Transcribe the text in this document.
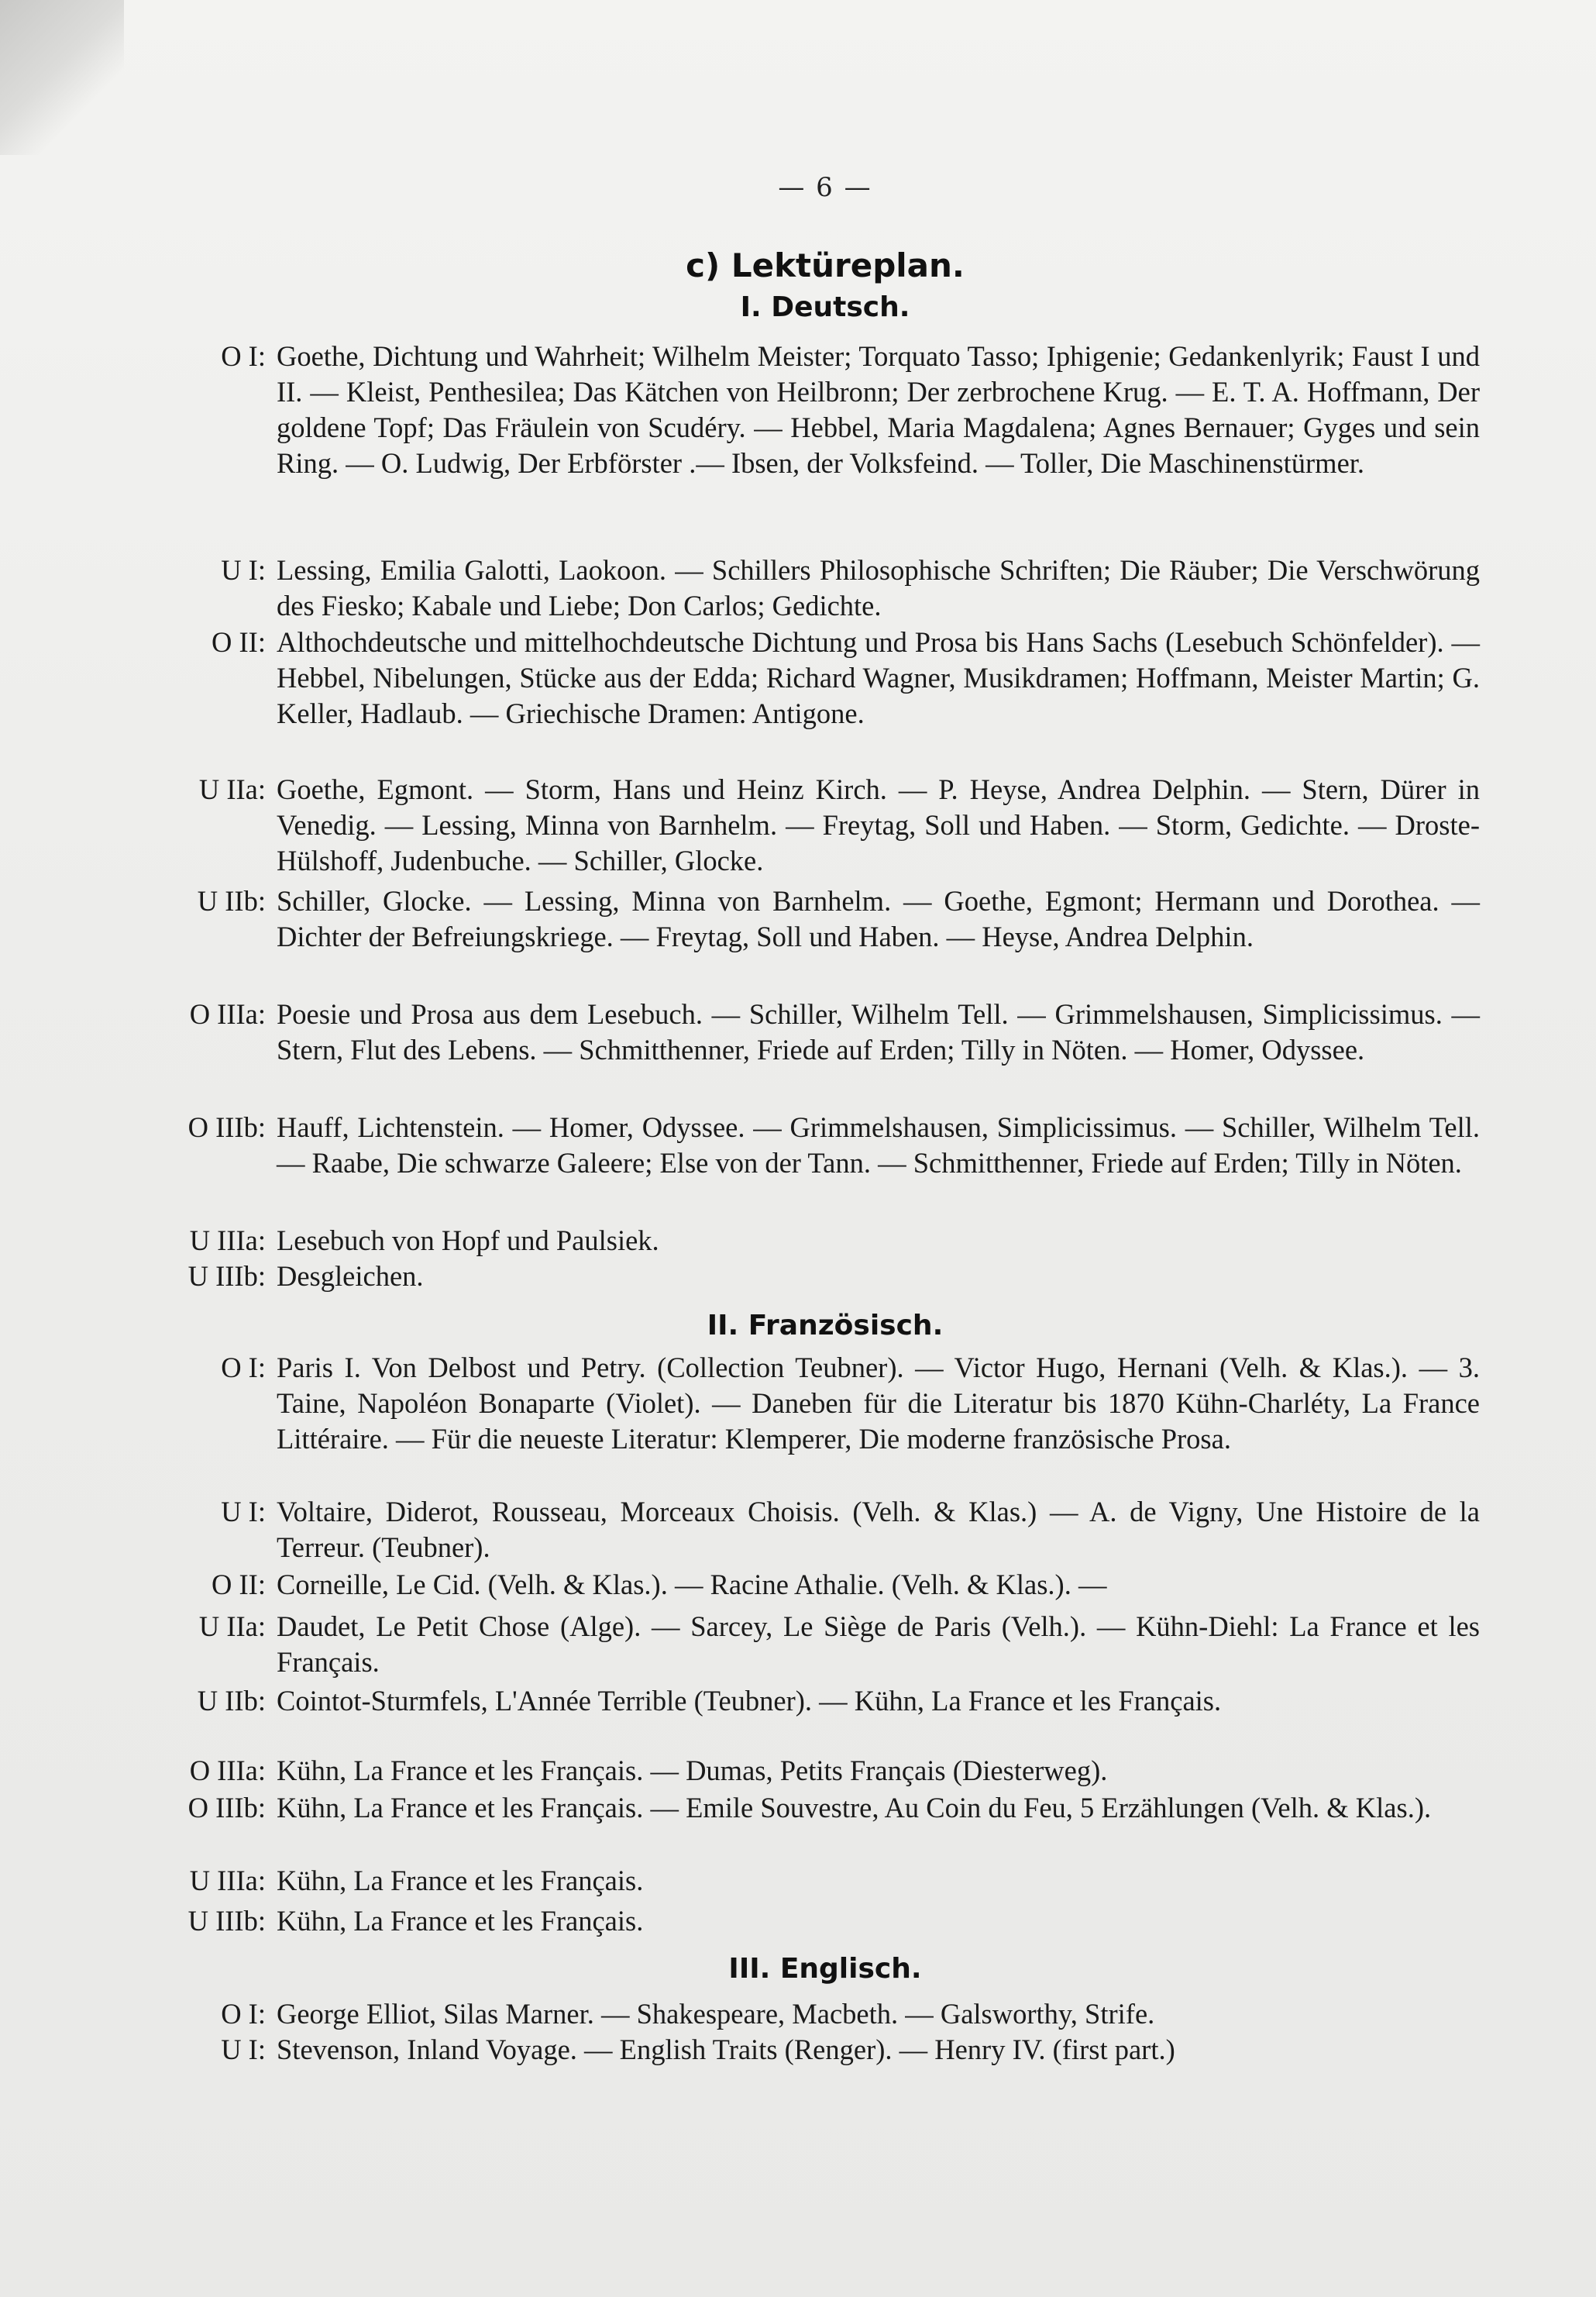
— 6 —
c) Lektüreplan.
I. Deutsch.
O I : Goethe, Dichtung und Wahrheit; Wilhelm Meister; Torquato Tasso; Iphigenie; Gedankenlyrik; Faust I und II. — Kleist, Penthesilea; Das Kätchen von Heilbronn; Der zerbrochene Krug. — E. T. A. Hoffmann, Der goldene Topf; Das Fräulein von Scudéry. — Hebbel, Maria Magdalena; Agnes Bernauer; Gyges und sein Ring. — O. Ludwig, Der Erbförster .— Ibsen, der Volksfeind. — Toller, Die Maschinenstürmer.
U I : Lessing, Emilia Galotti, Laokoon. — Schillers Philosophische Schriften; Die Räuber; Die Verschwörung des Fiesko; Kabale und Liebe; Don Carlos; Gedichte.
O II : Althochdeutsche und mittelhochdeutsche Dichtung und Prosa bis Hans Sachs (Lesebuch Schönfelder). — Hebbel, Nibelungen, Stücke aus der Edda; Richard Wagner, Musikdramen; Hoffmann, Meister Martin; G. Keller, Hadlaub. — Griechische Dramen: Antigone.
U IIa : Goethe, Egmont. — Storm, Hans und Heinz Kirch. — P. Heyse, Andrea Delphin. — Stern, Dürer in Venedig. — Lessing, Minna von Barnhelm. — Freytag, Soll und Haben. — Storm, Gedichte. — Droste-Hülshoff, Judenbuche. — Schiller, Glocke.
U IIb : Schiller, Glocke. — Lessing, Minna von Barnhelm. — Goethe, Egmont; Hermann und Dorothea. — Dichter der Befreiungskriege. — Freytag, Soll und Haben. — Heyse, Andrea Delphin.
O IIIa : Poesie und Prosa aus dem Lesebuch. — Schiller, Wilhelm Tell. — Grimmelshausen, Simplicissimus. — Stern, Flut des Lebens. — Schmitthenner, Friede auf Erden; Tilly in Nöten. — Homer, Odyssee.
O IIIb : Hauff, Lichtenstein. — Homer, Odyssee. — Grimmelshausen, Simplicissimus. — Schiller, Wilhelm Tell. — Raabe, Die schwarze Galeere; Else von der Tann. — Schmitthenner, Friede auf Erden; Tilly in Nöten.
U IIIa : Lesebuch von Hopf und Paulsiek.
U IIIb : Desgleichen.
II. Französisch.
O I : Paris I. Von Delbost und Petry. (Collection Teubner). — Victor Hugo, Hernani (Velh. & Klas.). — 3. Taine, Napoléon Bonaparte (Violet). — Daneben für die Literatur bis 1870 Kühn-Charléty, La France Littéraire. — Für die neueste Literatur: Klemperer, Die moderne französische Prosa.
U I : Voltaire, Diderot, Rousseau, Morceaux Choisis. (Velh. & Klas.) — A. de Vigny, Une Histoire de la Terreur. (Teubner).
O II : Corneille, Le Cid. (Velh. & Klas.). — Racine Athalie. (Velh. & Klas.). —
U IIa : Daudet, Le Petit Chose (Alge). — Sarcey, Le Siège de Paris (Velh.). — Kühn-Diehl: La France et les Français.
U IIb : Cointot-Sturmfels, L'Année Terrible (Teubner). — Kühn, La France et les Français.
O IIIa : Kühn, La France et les Français. — Dumas, Petits Français (Diesterweg).
O IIIb : Kühn, La France et les Français. — Emile Souvestre, Au Coin du Feu, 5 Erzählungen (Velh. & Klas.).
U IIIa : Kühn, La France et les Français.
U IIIb : Kühn, La France et les Français.
III. Englisch.
O I : George Elliot, Silas Marner. — Shakespeare, Macbeth. — Galsworthy, Strife.
U I : Stevenson, Inland Voyage. — English Traits (Renger). — Henry IV. (first part.)
